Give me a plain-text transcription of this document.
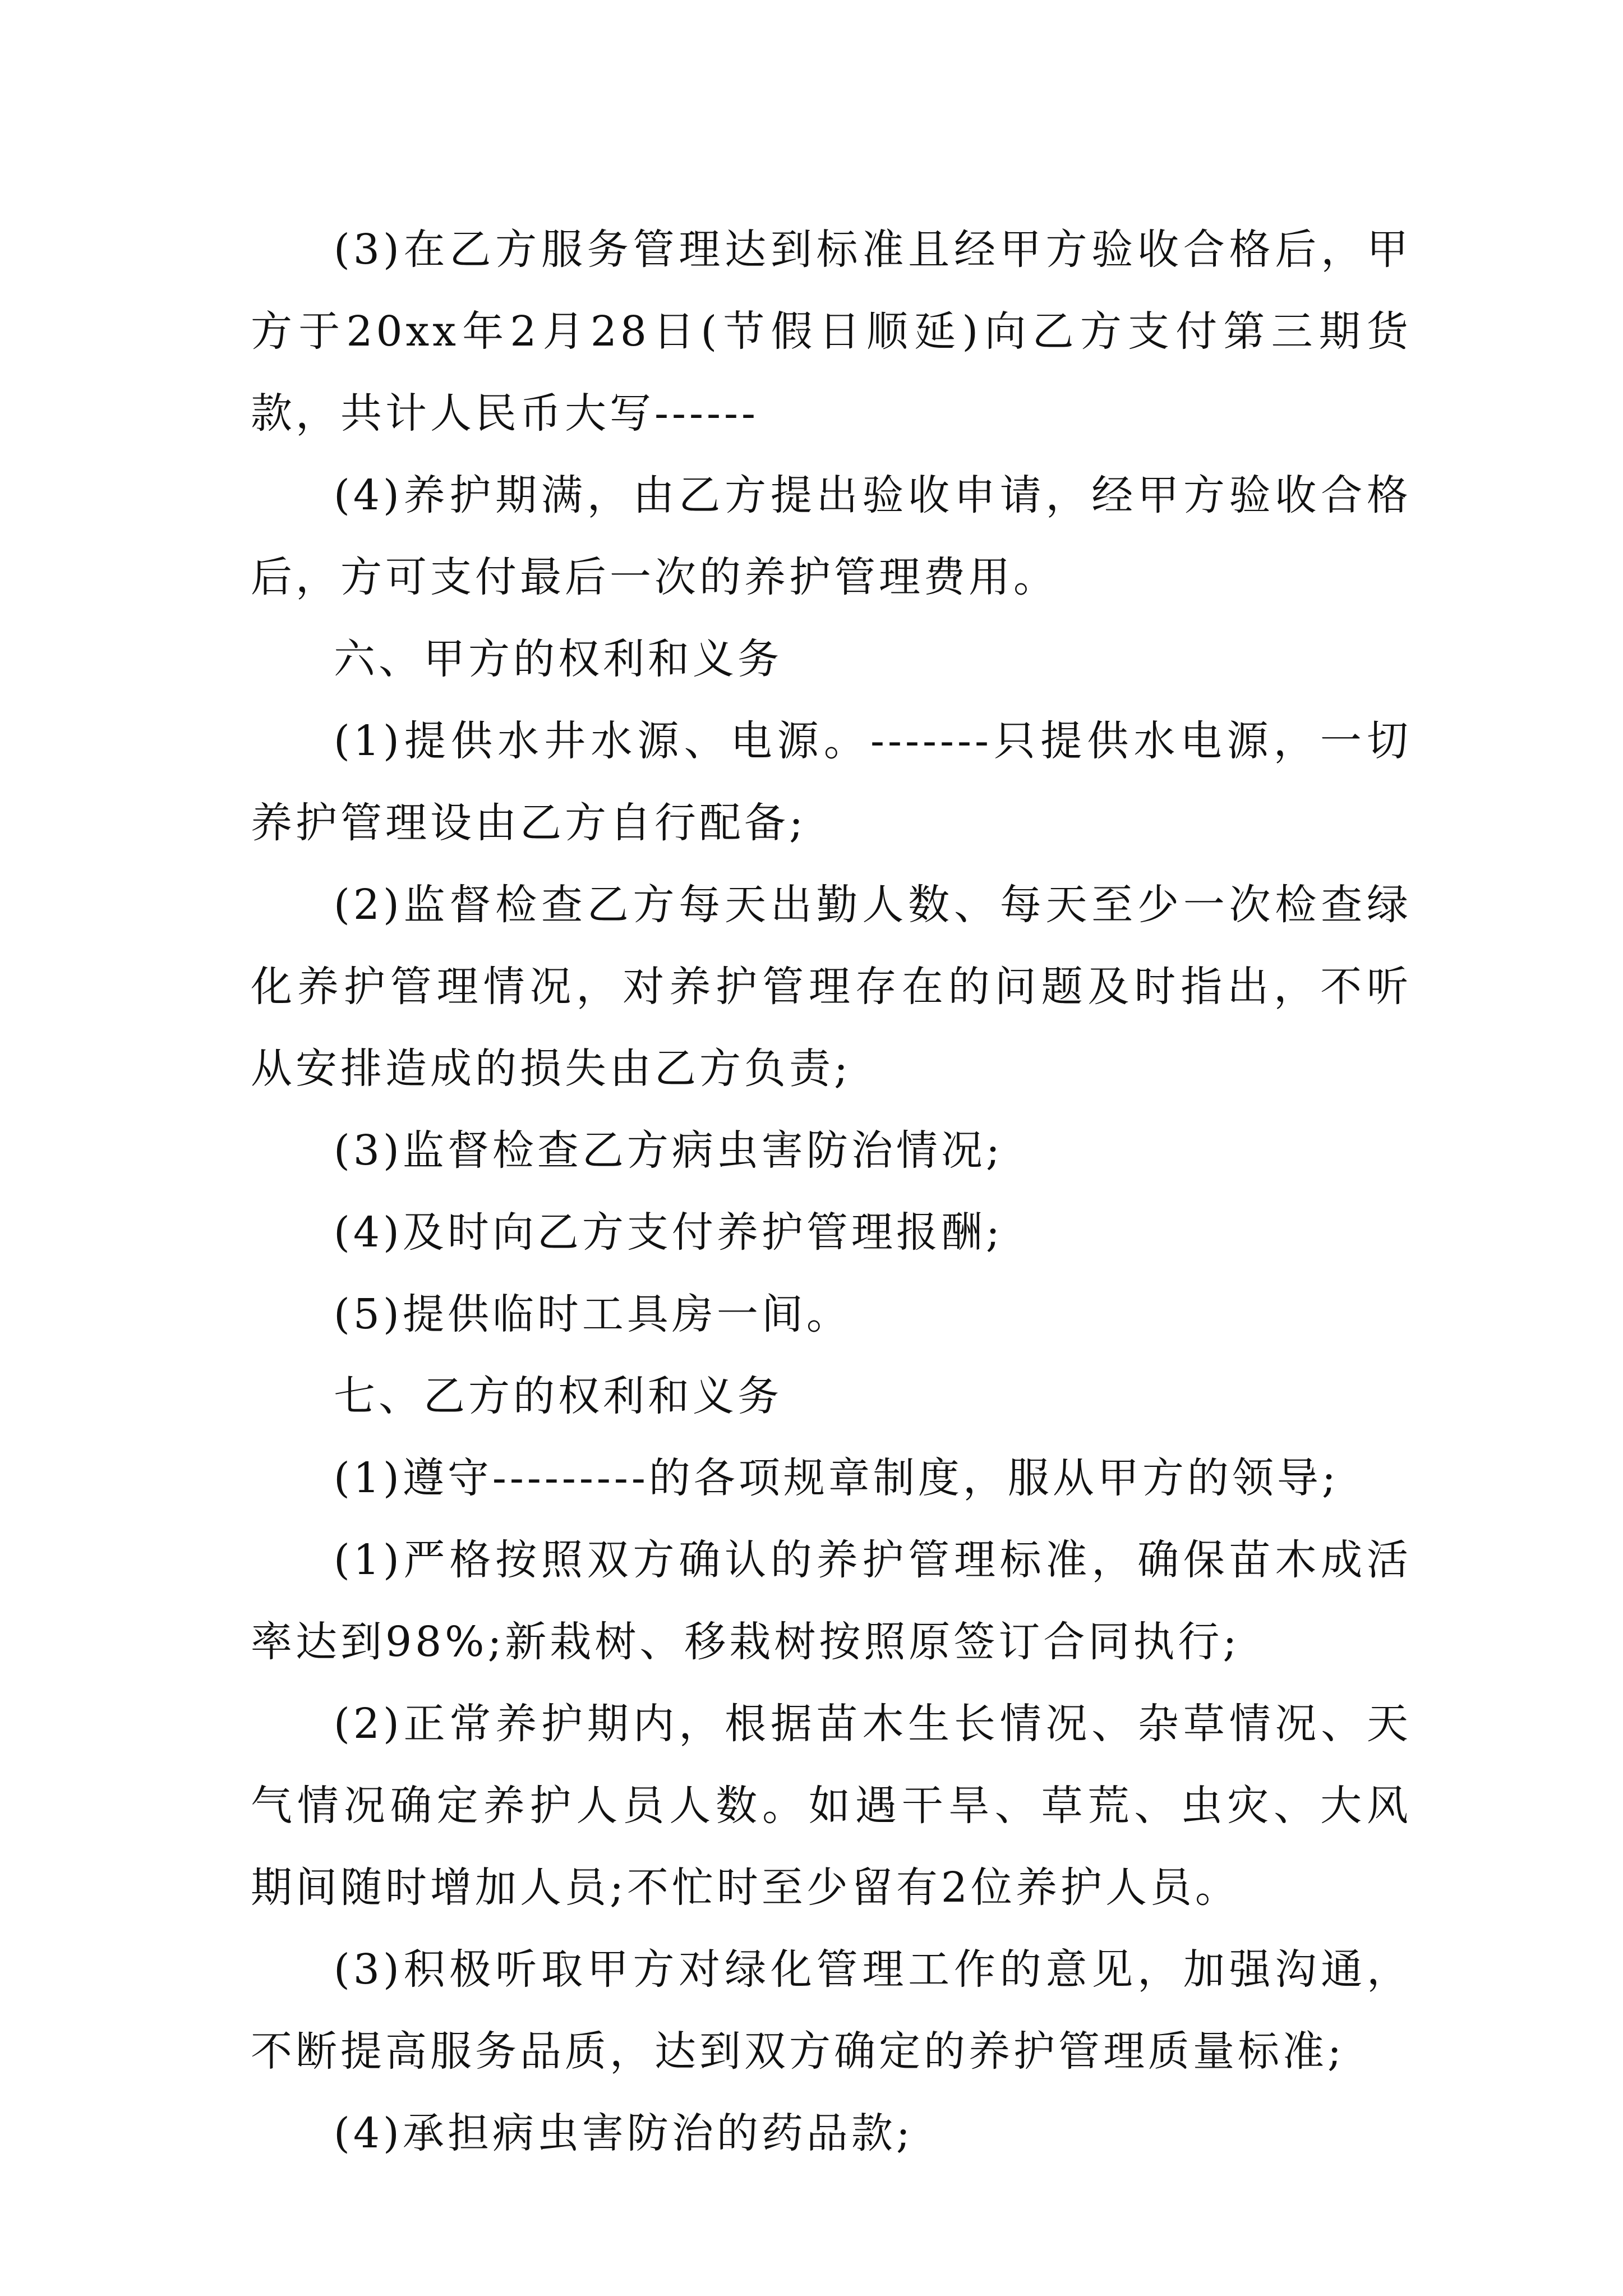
(3)在乙方服务管理达到标准且经甲方验收合格后，甲方于20xx年2月28日(节假日顺延)向乙方支付第三期货款，共计人民币大写------

(4)养护期满，由乙方提出验收申请，经甲方验收合格后，方可支付最后一次的养护管理费用。

六、甲方的权利和义务

(1)提供水井水源、电源。-------只提供水电源，一切养护管理设由乙方自行配备;

(2)监督检查乙方每天出勤人数、每天至少一次检查绿化养护管理情况，对养护管理存在的问题及时指出，不听从安排造成的损失由乙方负责;

(3)监督检查乙方病虫害防治情况;

(4)及时向乙方支付养护管理报酬;

(5)提供临时工具房一间。

七、乙方的权利和义务

(1)遵守---------的各项规章制度，服从甲方的领导;

(1)严格按照双方确认的养护管理标准，确保苗木成活率达到98%;新栽树、移栽树按照原签订合同执行;

(2)正常养护期内，根据苗木生长情况、杂草情况、天气情况确定养护人员人数。如遇干旱、草荒、虫灾、大风期间随时增加人员;不忙时至少留有2位养护人员。

(3)积极听取甲方对绿化管理工作的意见，加强沟通，不断提高服务品质，达到双方确定的养护管理质量标准;

(4)承担病虫害防治的药品款;
